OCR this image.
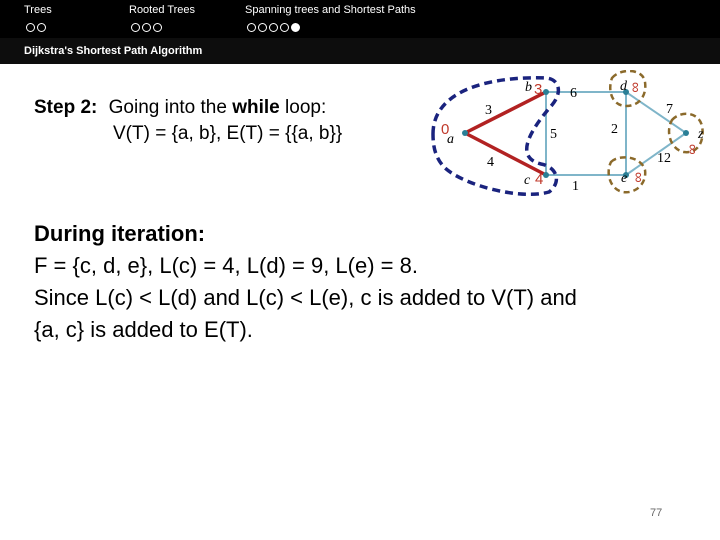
Trees	Rooted Trees	Spanning trees and Shortest Paths
Dijkstra's Shortest Path Algorithm
Step 2: Going into the while loop:
V(T) = {a, b}, E(T) = {{a, b}}	a
b
c
d
e
z
3
6
2
7
4
5
1
12
0
3
4
∞
∞
∞
During iteration:
F = {c, d, e}, L(c) = 4, L(d) = 9, L(e) = 8.
Since L(c) < L(d) and L(c) < L(e), c is added to V(T) and
{a, c} is added to E(T).
77
